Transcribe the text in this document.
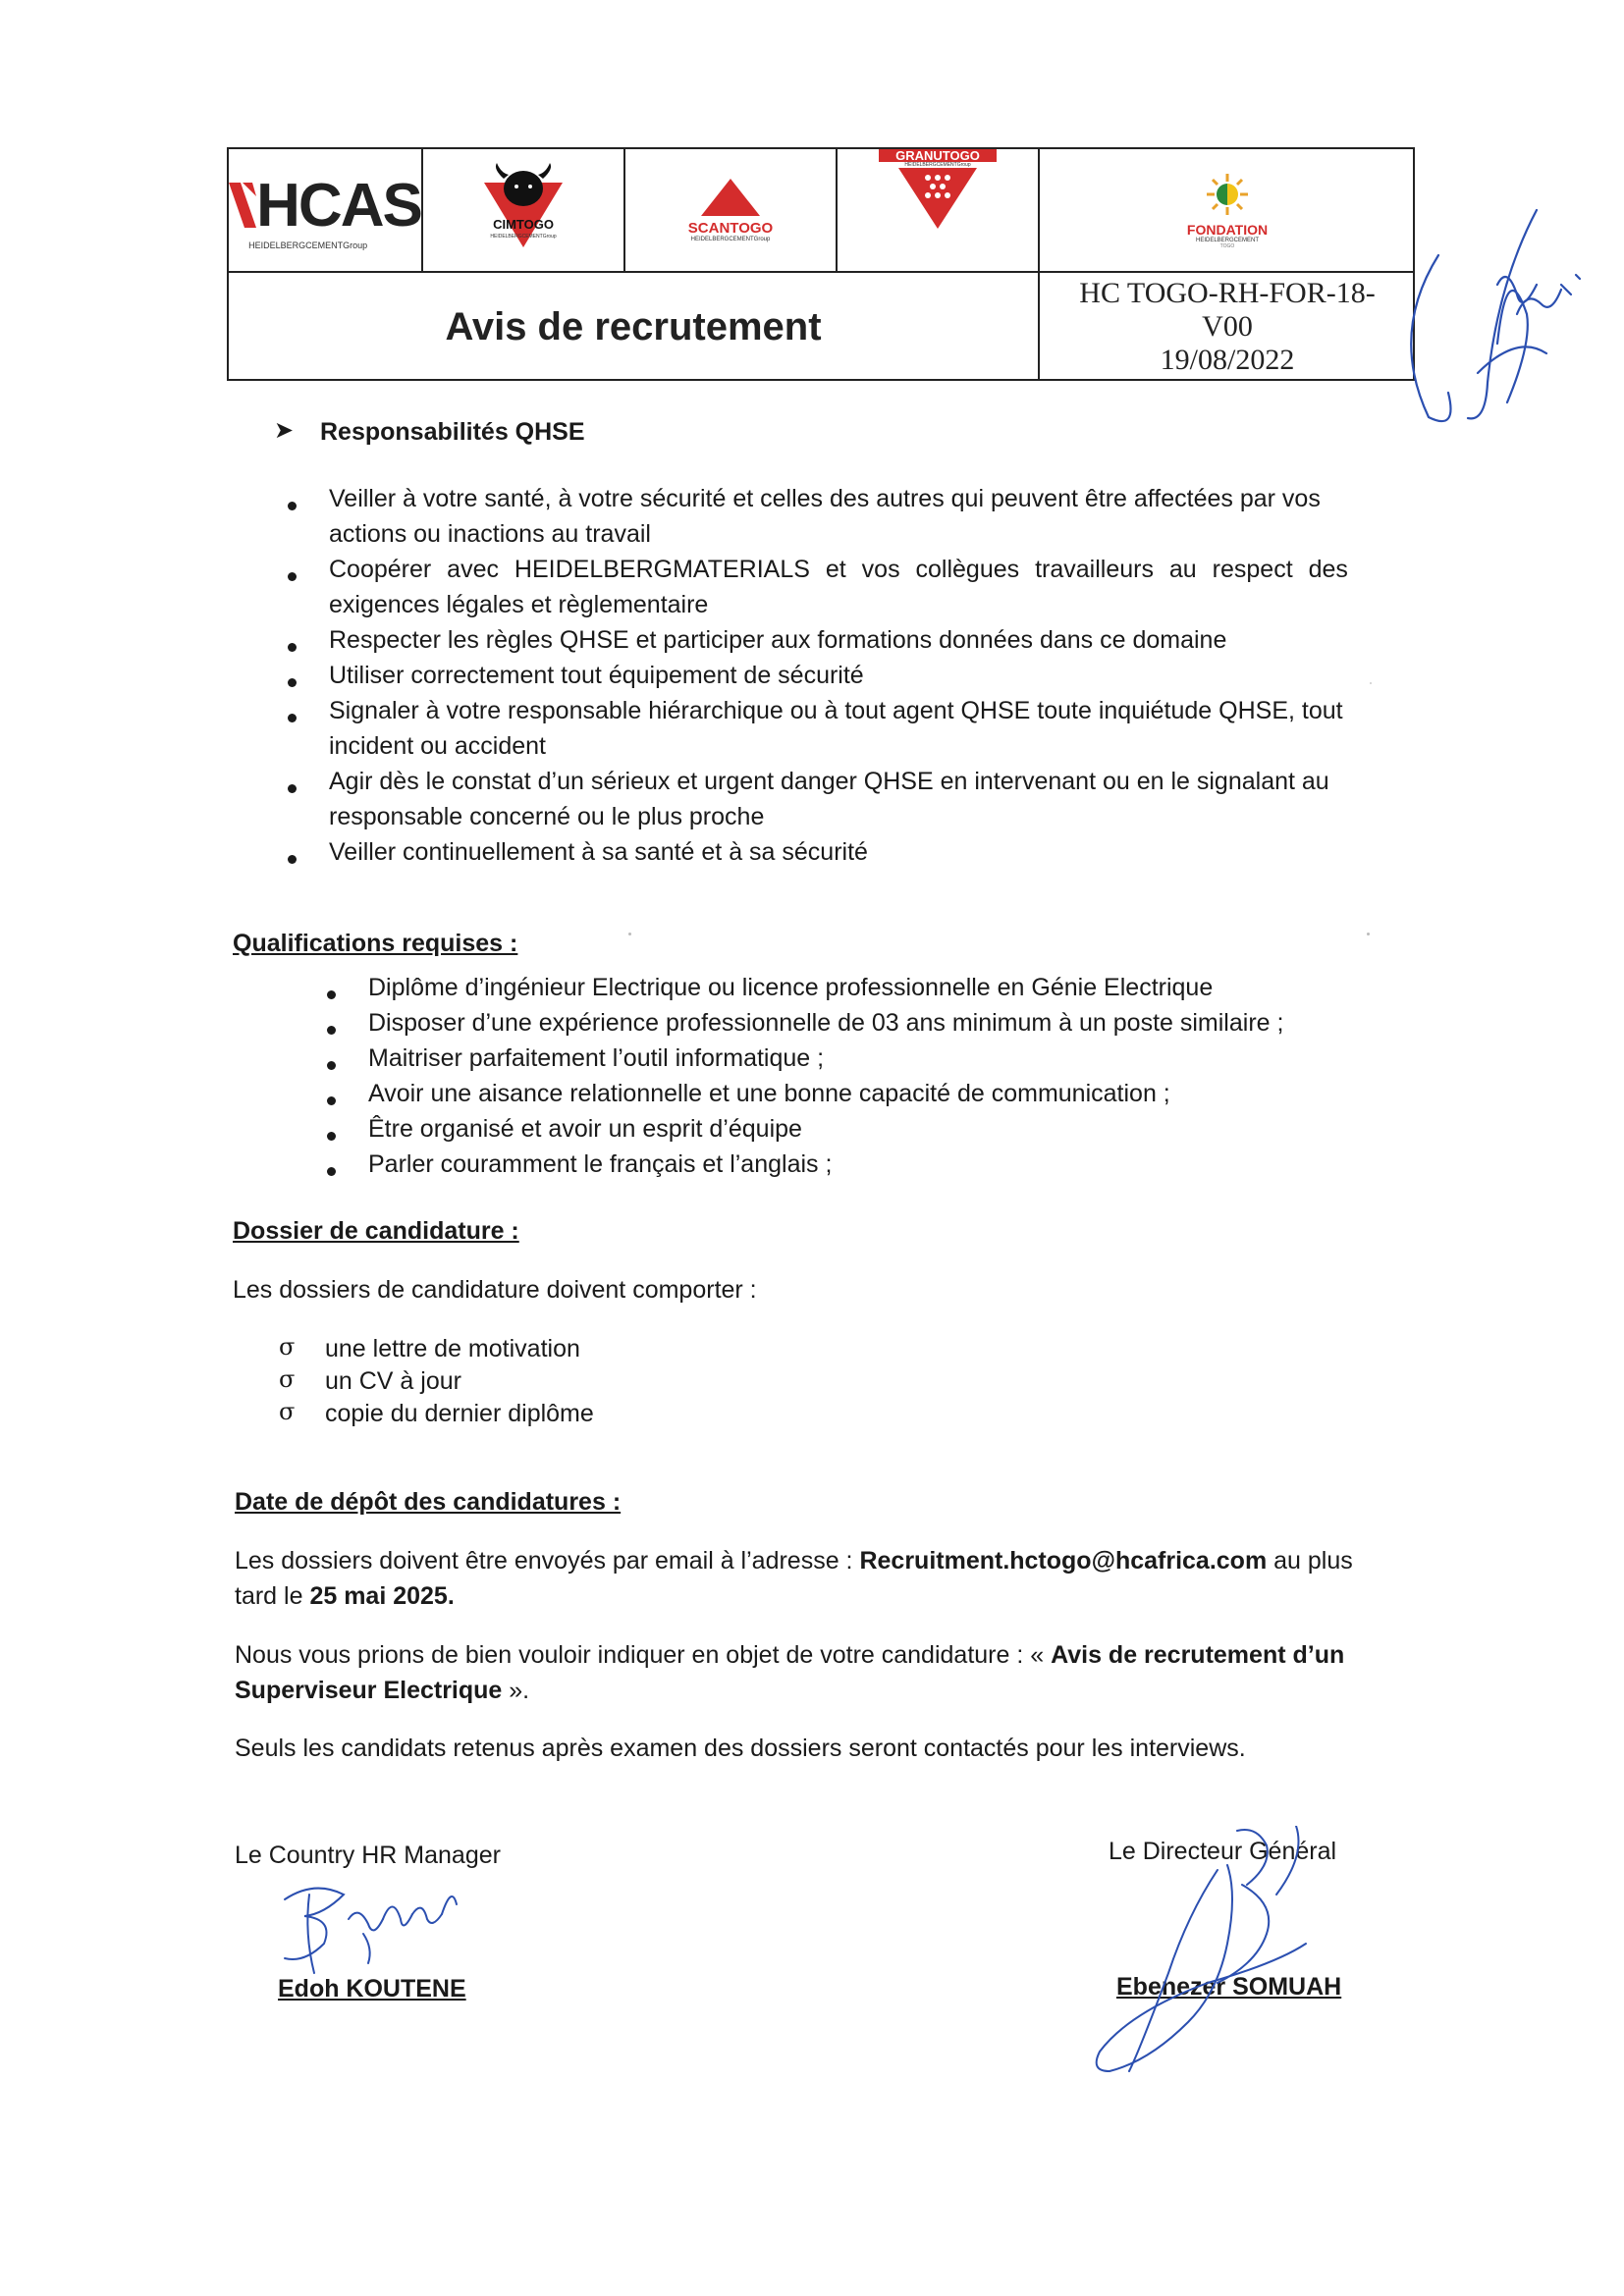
HCAS
HEIDELBERGCEMENTGroup
CIMTOGO
HEIDELBERGCEMENTGroup
SCANTOGO
HEIDELBERGCEMENTGroup
GRANUTOGO
HEIDELBERGCEMENTGroup
FONDATION
HEIDELBERGCEMENT
TOGO
Avis de recrutement
HC TOGO-RH-FOR-18-
V00
19/08/2022
➤ Responsabilités QHSE
Veiller à votre santé, à votre sécurité et celles des autres qui peuvent être affectées par vos
actions ou inactions au travail
Coopérer avec HEIDELBERGMATERIALS et vos collègues travailleurs au respect des
exigences légales et règlementaire
Respecter les règles QHSE et participer aux formations données dans ce domaine
Utiliser correctement tout équipement de sécurité
Signaler à votre responsable hiérarchique ou à tout agent QHSE toute inquiétude QHSE, tout
incident ou accident
Agir dès le constat d’un sérieux et urgent danger QHSE en intervenant ou en le signalant au
responsable concerné ou le plus proche
Veiller continuellement à sa santé et à sa sécurité
Qualifications requises :
Diplôme d’ingénieur Electrique ou licence professionnelle en Génie Electrique
Disposer d’une expérience professionnelle de 03 ans minimum à un poste similaire ;
Maitriser parfaitement l’outil informatique ;
Avoir une aisance relationnelle et une bonne capacité de communication ;
Être organisé et avoir un esprit d’équipe
Parler couramment le français et l’anglais ;
Dossier de candidature :
Les dossiers de candidature doivent comporter :
σ une lettre de motivation
σ un CV à jour
σ copie du dernier diplôme
Date de dépôt des candidatures :
Les dossiers doivent être envoyés par email à l’adresse : Recruitment.hctogo@hcafrica.com au plus
tard le 25 mai 2025.
Nous vous prions de bien vouloir indiquer en objet de votre candidature : « Avis de recrutement d’un
Superviseur Electrique ».
Seuls les candidats retenus après examen des dossiers seront contactés pour les interviews.
Le Country HR Manager
Edoh KOUTENE
Le Directeur Général
Ebenezer SOMUAH
